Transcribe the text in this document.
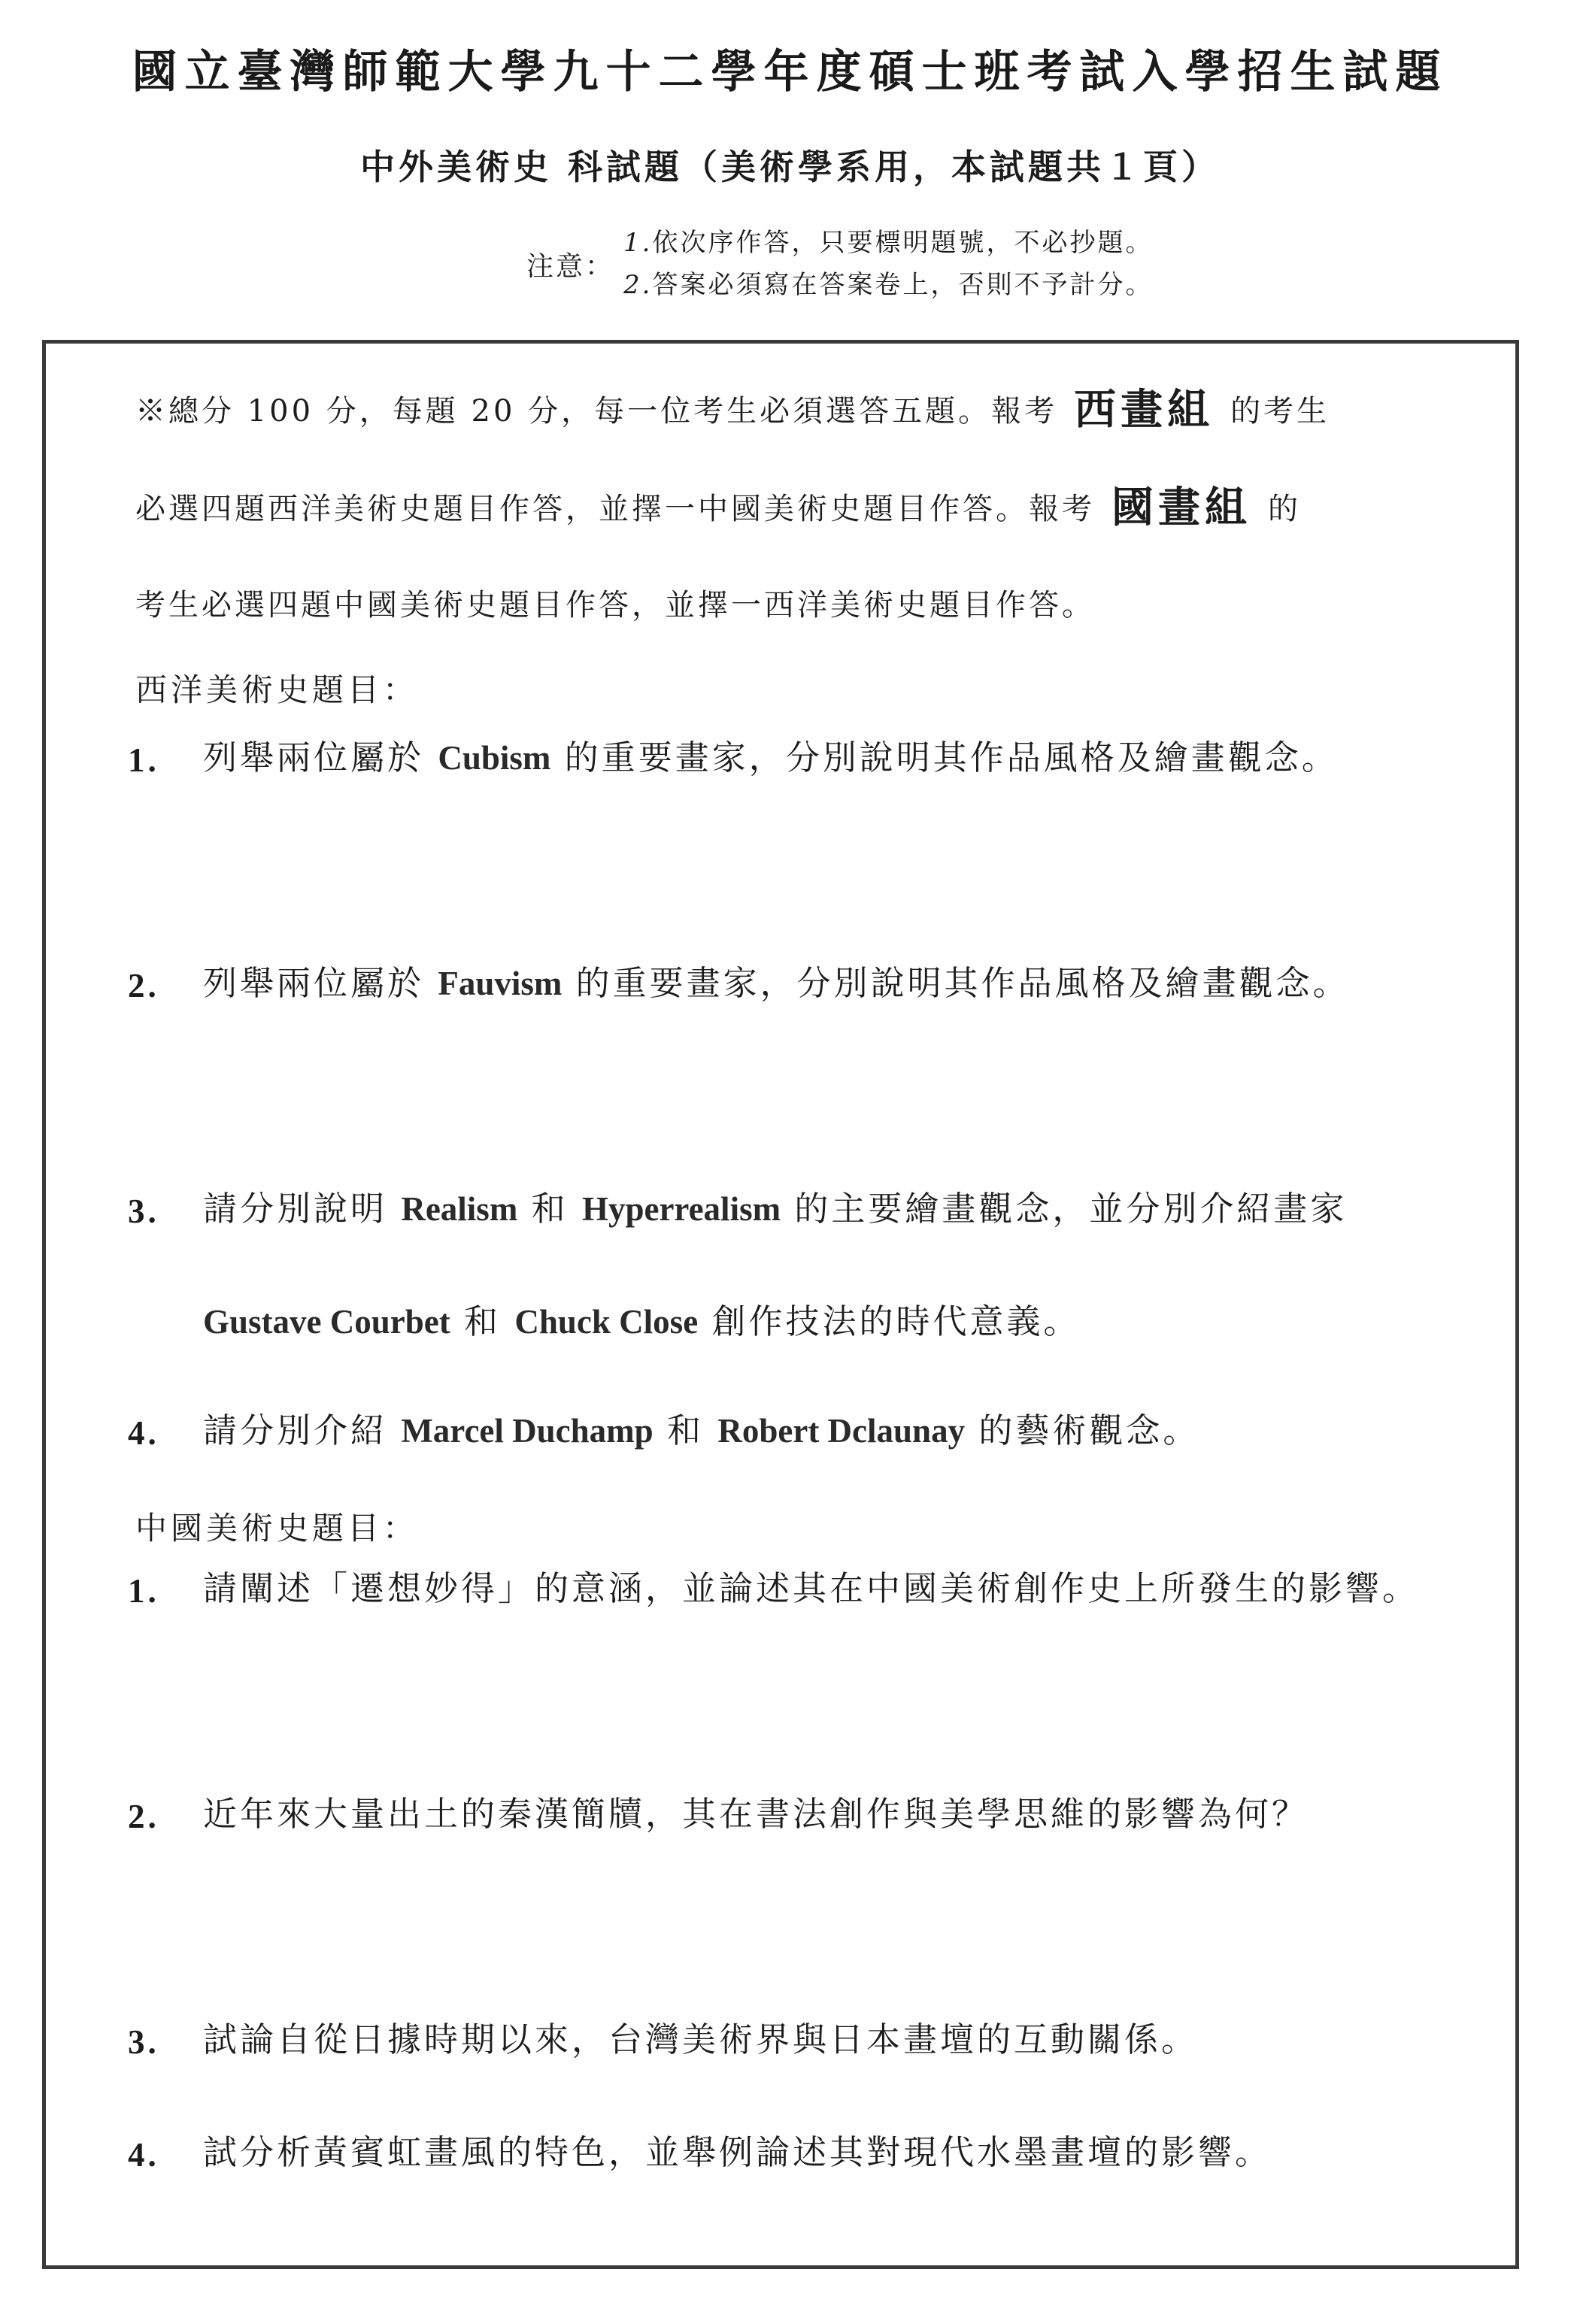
國立臺灣師範大學九十二學年度碩士班考試入學招生試題
中外美術史 科試題（美術學系用，本試題共１頁）
注意：
1.依次序作答，只要標明題號，不必抄題。
2.答案必須寫在答案卷上，否則不予計分。
※總分 100 分，每題 20 分，每一位考生必須選答五題。報考 西畫組 的考生
必選四題西洋美術史題目作答，並擇一中國美術史題目作答。報考 國畫組 的
考生必選四題中國美術史題目作答，並擇一西洋美術史題目作答。
西洋美術史題目：
1.	列舉兩位屬於 Cubism 的重要畫家，分別說明其作品風格及繪畫觀念。
2.	列舉兩位屬於 Fauvism 的重要畫家，分別說明其作品風格及繪畫觀念。
3.	請分別說明 Realism 和 Hyperrealism 的主要繪畫觀念，並分別介紹畫家 Gustave Courbet 和 Chuck Close 創作技法的時代意義。
4.	請分別介紹 Marcel Duchamp 和 Robert Dclaunay 的藝術觀念。
中國美術史題目：
1.	請闡述「遷想妙得」的意涵，並論述其在中國美術創作史上所發生的影響。
2.	近年來大量出土的秦漢簡牘，其在書法創作與美學思維的影響為何？
3.	試論自從日據時期以來，台灣美術界與日本畫壇的互動關係。
4.	試分析黃賓虹畫風的特色，並舉例論述其對現代水墨畫壇的影響。
